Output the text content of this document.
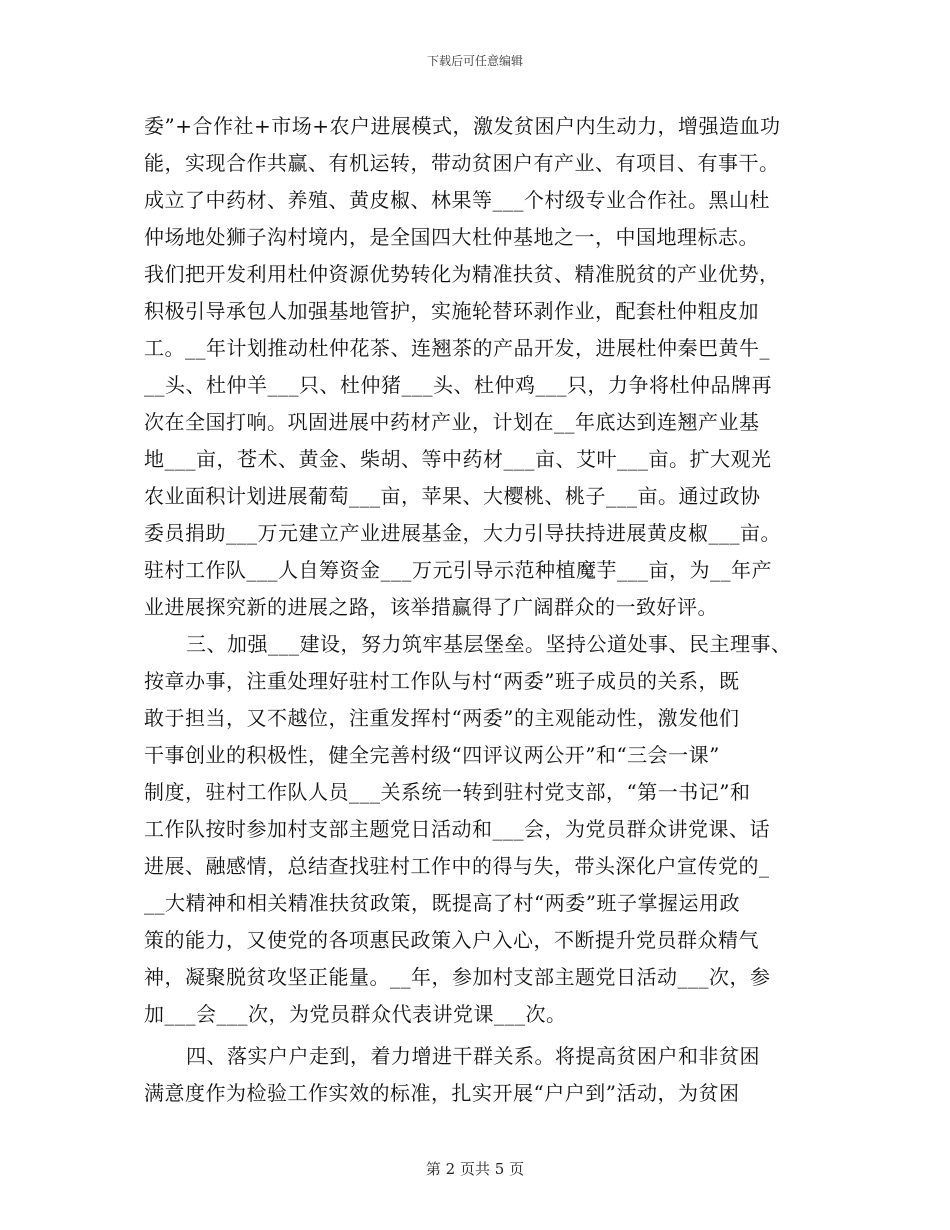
下载后可任意编辑
委”+合作社+市场+农户进展模式，激发贫困户内生动力，增强造血功
能，实现合作共赢、有机运转，带动贫困户有产业、有项目、有事干。
成立了中药材、养殖、黄皮椒、林果等___个村级专业合作社。黑山杜
仲场地处狮子沟村境内，是全国四大杜仲基地之一，中国地理标志。
我们把开发利用杜仲资源优势转化为精准扶贫、精准脱贫的产业优势，
积极引导承包人加强基地管护，实施轮替环剥作业，配套杜仲粗皮加
工。__年计划推动杜仲花茶、连翘茶的产品开发，进展杜仲秦巴黄牛_
__头、杜仲羊___只、杜仲猪___头、杜仲鸡___只，力争将杜仲品牌再
次在全国打响。巩固进展中药材产业，计划在__年底达到连翘产业基
地___亩，苍术、黄金、柴胡、等中药材___亩、艾叶___亩。扩大观光
农业面积计划进展葡萄___亩，苹果、大樱桃、桃子___亩。通过政协
委员捐助___万元建立产业进展基金，大力引导扶持进展黄皮椒___亩。
驻村工作队___人自筹资金___万元引导示范种植魔芋___亩，为__年产
业进展探究新的进展之路，该举措赢得了广阔群众的一致好评。
三、加强___建设，努力筑牢基层堡垒。坚持公道处事、民主理事、
按章办事，注重处理好驻村工作队与村“两委”班子成员的关系，既
敢于担当，又不越位，注重发挥村“两委”的主观能动性，激发他们
干事创业的积极性，健全完善村级“四评议两公开”和“三会一课”
制度，驻村工作队人员___关系统一转到驻村党支部，“第一书记”和
工作队按时参加村支部主题党日活动和___会，为党员群众讲党课、话
进展、融感情，总结查找驻村工作中的得与失，带头深化户宣传党的_
__大精神和相关精准扶贫政策，既提高了村“两委”班子掌握运用政
策的能力，又使党的各项惠民政策入户入心，不断提升党员群众精气
神，凝聚脱贫攻坚正能量。__年，参加村支部主题党日活动___次，参
加___会___次，为党员群众代表讲党课___次。
四、落实户户走到，着力增进干群关系。将提高贫困户和非贫困
满意度作为检验工作实效的标准，扎实开展“户户到”活动，为贫困
第 2 页共 5 页
